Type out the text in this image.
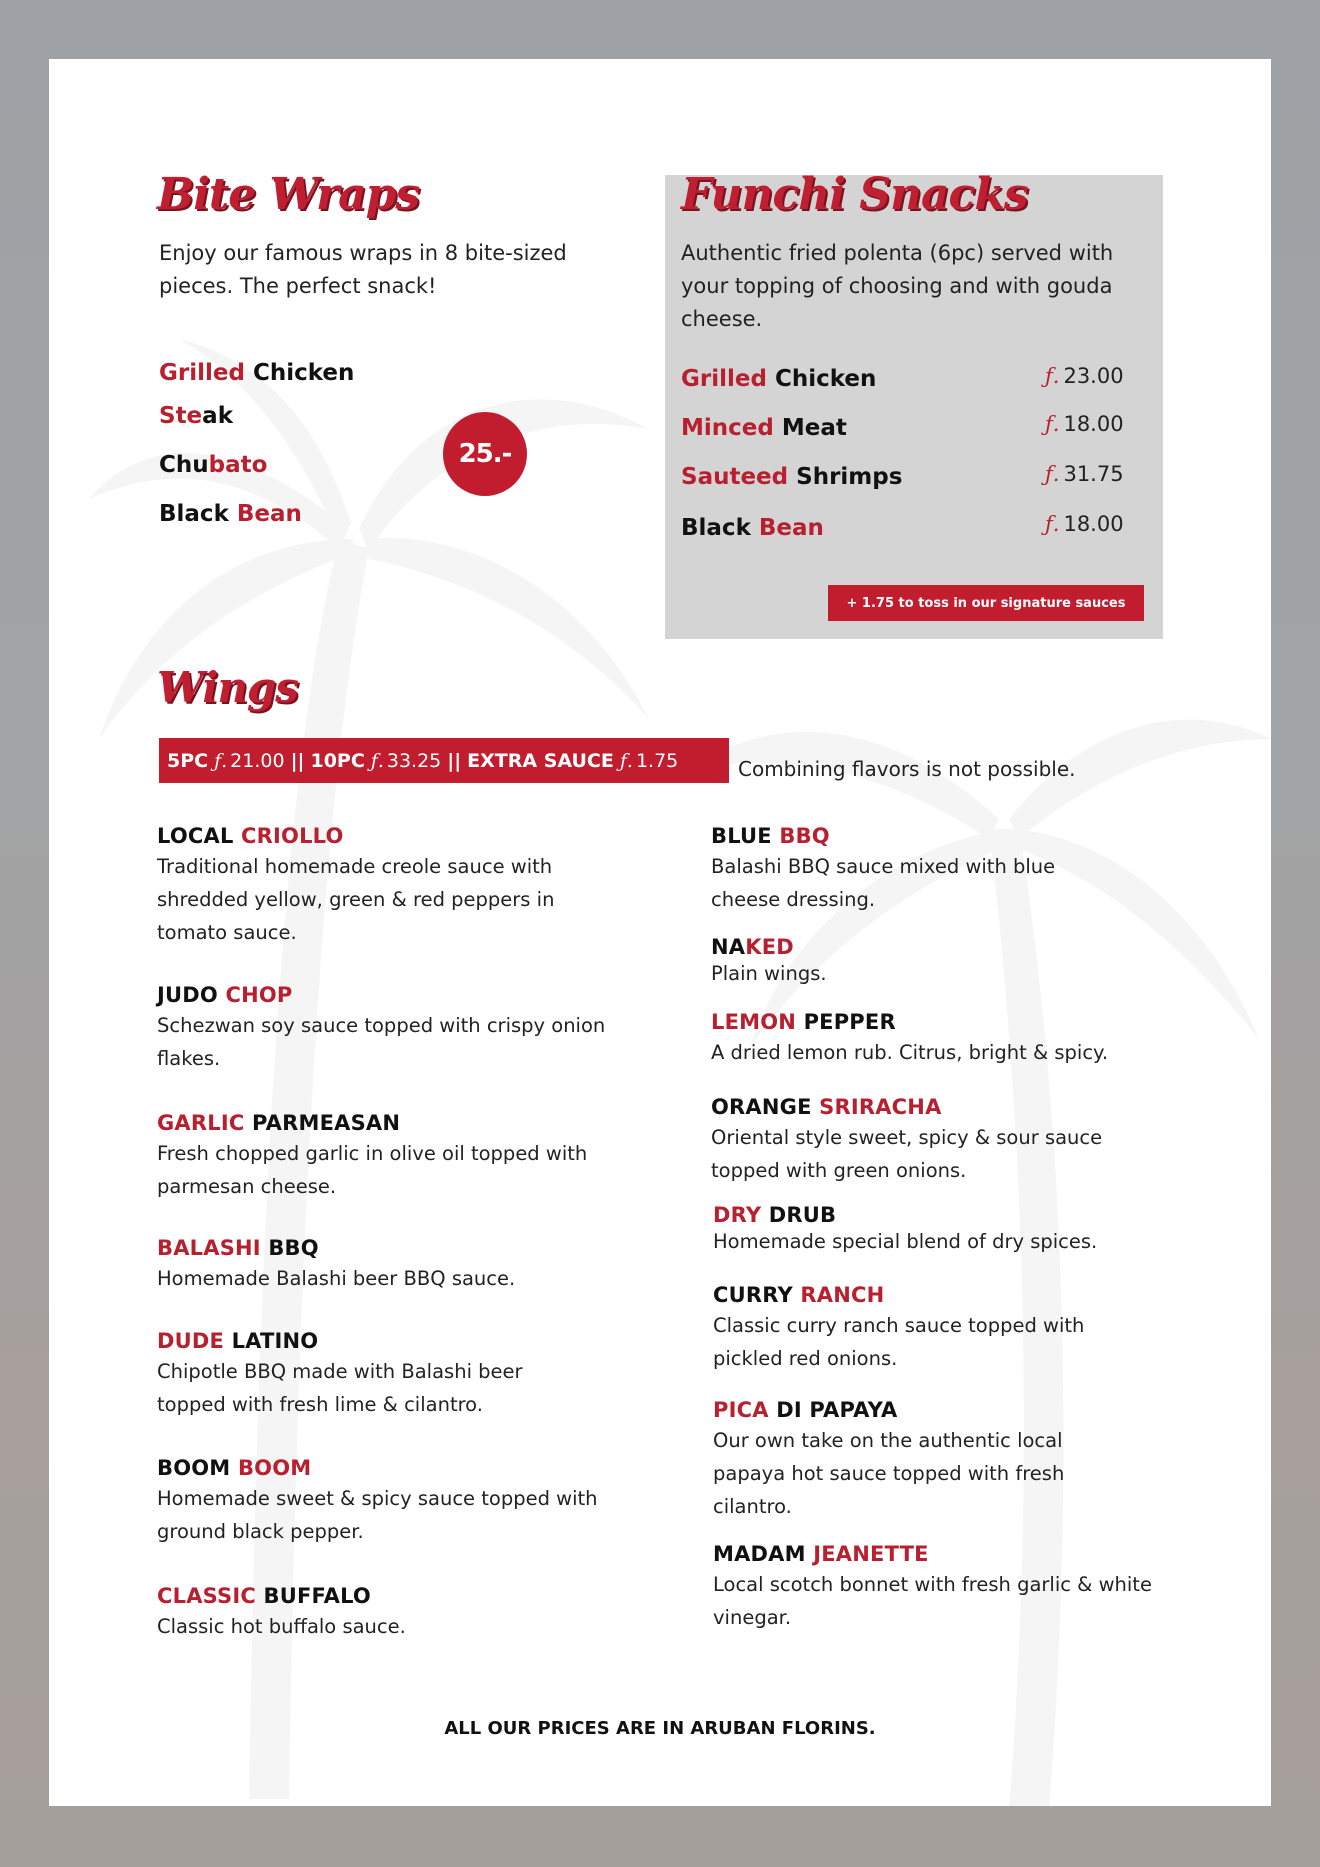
Bite Wraps

Enjoy our famous wraps in 8 bite-sized
pieces. The perfect snack!

Grilled Chicken

Steak

Chubato

Black Bean

25.-
Funchi Snacks

Authentic fried polenta (6pc) served with
your topping of choosing and with gouda
cheese.

Grilled Chicken	ƒ. 23.00

Minced Meat	ƒ. 18.00

Sauteed Shrimps	ƒ. 31.75

Black Bean	ƒ. 18.00
+ 1.75 to toss in our signature sauces
Wings
5PC ƒ. 21.00 || 10PC ƒ. 33.25 || EXTRA SAUCE ƒ. 1.75	Combining flavors is not possible.

LOCAL CRIOLLO

Traditional homemade creole sauce with shredded yellow, green & red peppers in tomato sauce.

JUDO CHOP

Schezwan soy sauce topped with crispy onion flakes.

GARLIC PARMEASAN

Fresh chopped garlic in olive oil topped with parmesan cheese.

BALASHI BBQ

Homemade Balashi beer BBQ sauce.

DUDE LATINO

Chipotle BBQ made with Balashi beer topped with fresh lime & cilantro.

BOOM BOOM

Homemade sweet & spicy sauce topped with ground black pepper.

CLASSIC BUFFALO

Classic hot buffalo sauce.

BLUE BBQ

Balashi BBQ sauce mixed with blue cheese dressing.

NAKED

Plain wings.

LEMON PEPPER

A dried lemon rub. Citrus, bright & spicy.

ORANGE SRIRACHA

Oriental style sweet, spicy & sour sauce topped with green onions.

DRY DRUB

Homemade special blend of dry spices.

CURRY RANCH

Classic curry ranch sauce topped with pickled red onions.

PICA DI PAPAYA

Our own take on the authentic local papaya hot sauce topped with fresh cilantro.

MADAM JEANETTE

Local scotch bonnet with fresh garlic & white vinegar.

ALL OUR PRICES ARE IN ARUBAN FLORINS.
